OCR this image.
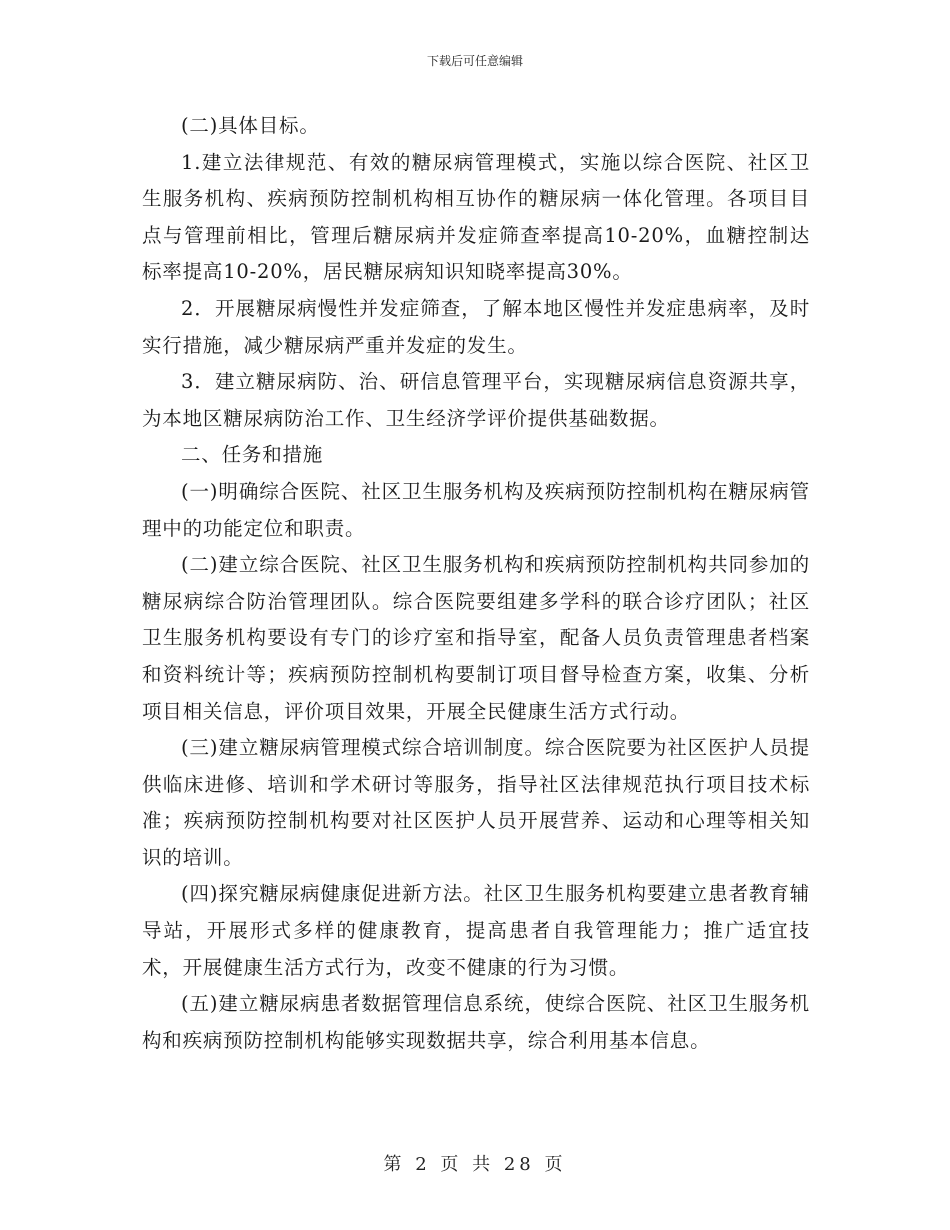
下载后可任意编辑

(二)具体目标。

1.建立法律规范、有效的糖尿病管理模式，实施以综合医院、社区卫生服务机构、疾病预防控制机构相互协作的糖尿病一体化管理。各项目目点与管理前相比，管理后糖尿病并发症筛查率提高10-20%，血糖控制达标率提高10-20%，居民糖尿病知识知晓率提高30%。

2．开展糖尿病慢性并发症筛查，了解本地区慢性并发症患病率，及时实行措施，减少糖尿病严重并发症的发生。

3．建立糖尿病防、治、研信息管理平台，实现糖尿病信息资源共享，为本地区糖尿病防治工作、卫生经济学评价提供基础数据。

二、任务和措施

(一)明确综合医院、社区卫生服务机构及疾病预防控制机构在糖尿病管理中的功能定位和职责。

(二)建立综合医院、社区卫生服务机构和疾病预防控制机构共同参加的糖尿病综合防治管理团队。综合医院要组建多学科的联合诊疗团队；社区卫生服务机构要设有专门的诊疗室和指导室，配备人员负责管理患者档案和资料统计等；疾病预防控制机构要制订项目督导检查方案，收集、分析项目相关信息，评价项目效果，开展全民健康生活方式行动。

(三)建立糖尿病管理模式综合培训制度。综合医院要为社区医护人员提供临床进修、培训和学术研讨等服务，指导社区法律规范执行项目技术标准；疾病预防控制机构要对社区医护人员开展营养、运动和心理等相关知识的培训。

(四)探究糖尿病健康促进新方法。社区卫生服务机构要建立患者教育辅导站，开展形式多样的健康教育，提高患者自我管理能力；推广适宜技术，开展健康生活方式行为，改变不健康的行为习惯。

(五)建立糖尿病患者数据管理信息系统，使综合医院、社区卫生服务机构和疾病预防控制机构能够实现数据共享，综合利用基本信息。

第 2 页 共 28 页
